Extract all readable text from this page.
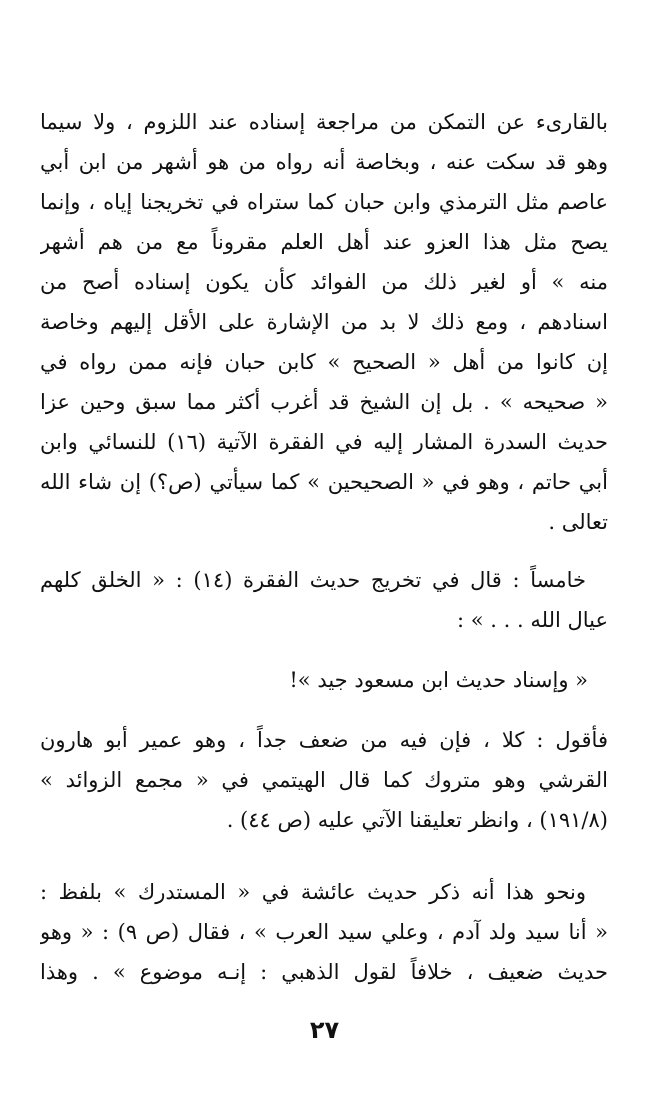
بالقارىء عن التمكن من مراجعة إسناده عند اللزوم ، ولا سيما
وهو قد سكت عنه ، وبخاصة أنه رواه من هو أشهر من ابن أبي
عاصم مثل الترمذي وابن حبان كما ستراه في تخريجنا إياه ، وإنما
يصح مثل هذا العزو عند أهل العلم مقروناً مع من هم أشهر
منه » أو لغير ذلك من الفوائد كأن يكون إسناده أصح من
اسنادهم ، ومع ذلك لا بد من الإشارة على الأقل إليهم وخاصة
إن كانوا من أهل « الصحيح » كابن حبان فإنه ممن رواه في
« صحيحه » . بل إن الشيخ قد أغرب أكثر مما سبق وحين عزا
حديث السدرة المشار إليه في الفقرة الآتية (١٦) للنسائي وابن
أبي حاتم ، وهو في « الصحيحين » كما سيأتي (ص؟) إن شاء الله
تعالى .
خامساً : قال في تخريج حديث الفقرة (١٤) : « الخلق كلهم
عيال الله . . . » :
« وإسناد حديث ابن مسعود جيد »!
فأقول : كلا ، فإن فيه من ضعف جداً ، وهو عمير أبو هارون
القرشي وهو متروك كما قال الهيتمي في « مجمع الزوائد »
(١٩١/٨) ، وانظر تعليقنا الآتي عليه (ص ٤٤) .
ونحو هذا أنه ذكر حديث عائشة في « المستدرك » بلفظ :
« أنا سيد ولد آدم ، وعلي سيد العرب » ، فقال (ص ٩) : « وهو
حديث ضعيف ، خلافاً لقول الذهبي : إنـه موضوع » . وهذا
٢٧
